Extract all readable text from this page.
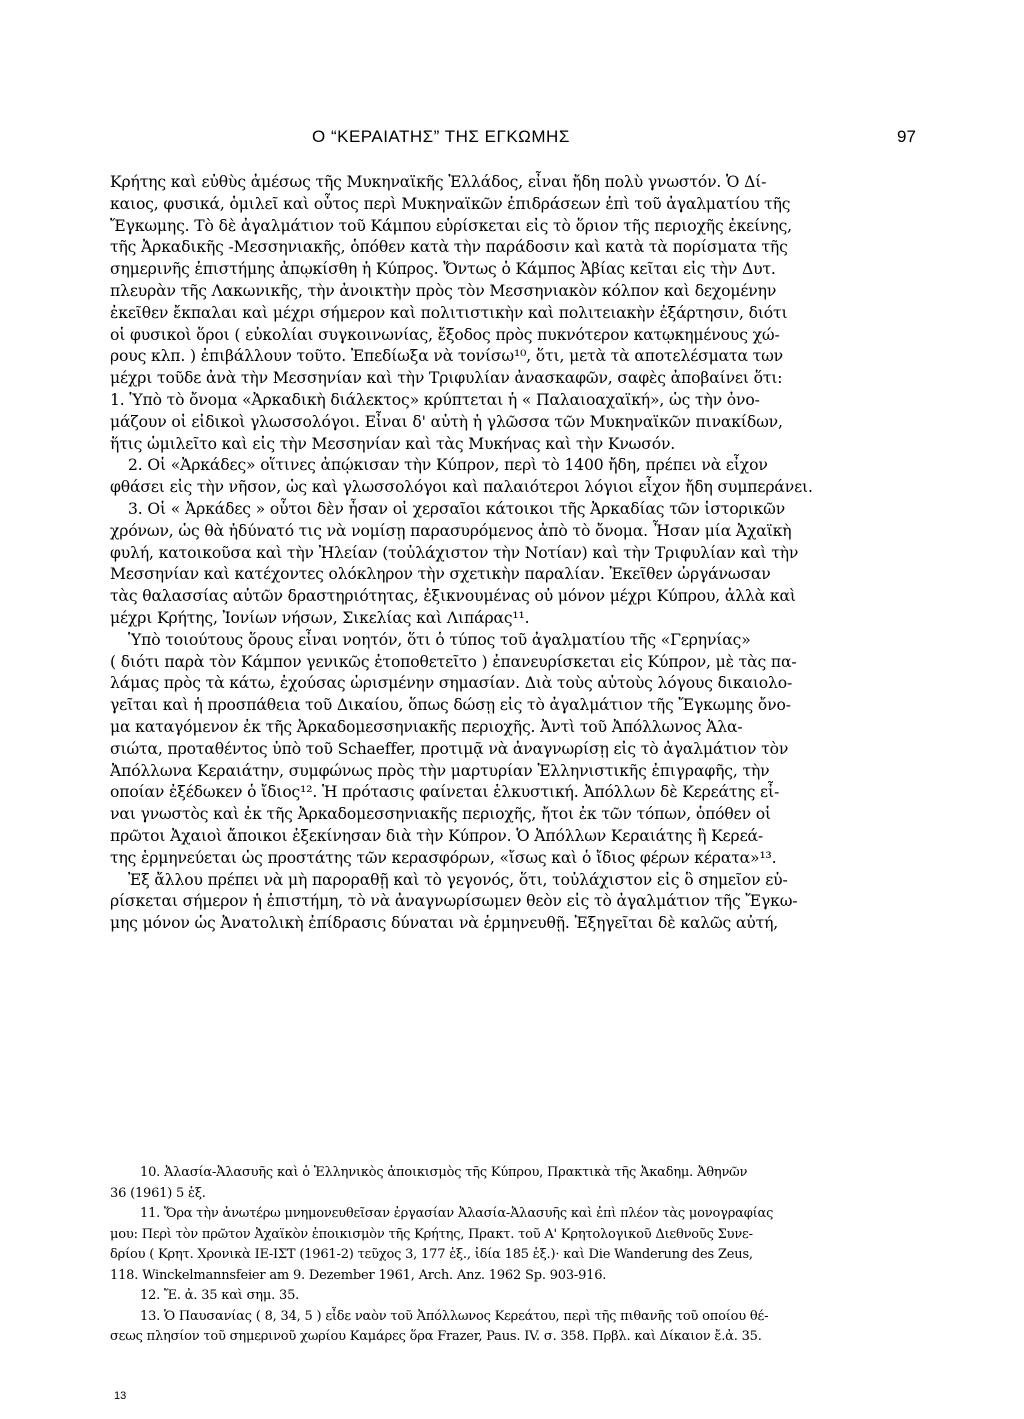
Ο “ΚΕΡΑΙΑΤΗΣ” ΤΗΣ ΕΓΚΩΜΗΣ	97
Κρήτης καὶ εὐθὺς ἀμέσως τῆς Μυκηναϊκῆς Ἑλλάδος, εἶναι ἤδη πολὺ γνωστόν. Ὁ Δί-
καιος, φυσικά, ὁμιλεῖ καὶ οὗτος περὶ Μυκηναϊκῶν ἐπιδράσεων ἐπὶ τοῦ ἀγαλματίου τῆς
Ἔγκωμης. Τὸ δὲ ἀγαλμάτιον τοῦ Κάμπου εὑρίσκεται εἰς τὸ ὅριον τῆς περιοχῆς ἐκείνης,
τῆς Ἀρκαδικῆς -Μεσσηνιακῆς, ὁπόθεν κατὰ τὴν παράδοσιν καὶ κατὰ τὰ πορίσματα τῆς
σημερινῆς ἐπιστήμης ἀπῳκίσθη ἡ Κύπρος. Ὄντως ὁ Κάμπος Ἀβίας κεῖται εἰς τὴν Δυτ.
πλευρὰν τῆς Λακωνικῆς, τὴν ἀνοικτὴν πρὸς τὸν Μεσσηνιακὸν κόλπον καὶ δεχομένην
ἐκεῖθεν ἔκπαλαι καὶ μέχρι σήμερον καὶ πολιτιστικὴν καὶ πολιτειακὴν ἐξάρτησιν, διότι
οἱ φυσικοὶ ὅροι ( εὐκολίαι συγκοινωνίας, ἔξοδος πρὸς πυκνότερον κατῳκημένους χώ-
ρους κλπ. ) ἐπιβάλλουν τοῦτο. Ἐπεδίωξα νὰ τονίσω¹⁰, ὅτι, μετὰ τὰ αποτελέσματα των
μέχρι τοῦδε ἀνὰ τὴν Μεσσηνίαν καὶ τὴν Τριφυλίαν ἀνασκαφῶν, σαφὲς ἀποβαίνει ὅτι:
1. Ὑπὸ τὸ ὄνομα «Ἀρκαδικὴ διάλεκτος» κρύπτεται ἡ « Παλαιοαχαϊκή», ὡς τὴν ὀνο-
μάζουν οἱ εἰδικοὶ γλωσσολόγοι. Εἶναι δ' αὐτὴ ἡ γλῶσσα τῶν Μυκηναϊκῶν πινακίδων,
ἥτις ὡμιλεῖτο καὶ εἰς τὴν Μεσσηνίαν καὶ τὰς Μυκήνας καὶ τὴν Κνωσόν.
2. Οἱ «Ἀρκάδες» οἵτινες ἀπῴκισαν τὴν Κύπρον, περὶ τὸ 1400 ἤδη, πρέπει νὰ εἶχον
φθάσει εἰς τὴν νῆσον, ὡς καὶ γλωσσολόγοι καὶ παλαιότεροι λόγιοι εἶχον ἤδη συμπεράνει.
3. Οἱ « Ἀρκάδες » οὗτοι δὲν ἦσαν οἱ χερσαῖοι κάτοικοι τῆς Ἀρκαδίας τῶν ἱστορικῶν
χρόνων, ὡς θὰ ἠδύνατό τις νὰ νομίσῃ παρασυρόμενος ἀπὸ τὸ ὄνομα. Ἦσαν μία Ἀχαϊκὴ
φυλή, κατοικοῦσα καὶ τὴν Ἠλείαν (τοὐλάχιστον τὴν Νοτίαν) καὶ τὴν Τριφυλίαν καὶ τὴν
Μεσσηνίαν καὶ κατέχοντες ολόκληρον τὴν σχετικὴν παραλίαν. Ἐκεῖθεν ὠργάνωσαν
τὰς θαλασσίας αὐτῶν δραστηριότητας, ἐξικνουμένας οὐ μόνον μέχρι Κύπρου, ἀλλὰ καὶ
μέχρι Κρήτης, Ἰονίων νήσων, Σικελίας καὶ Λιπάρας¹¹.
Ὑπὸ τοιούτους ὅρους εἶναι νοητόν, ὅτι ὁ τύπος τοῦ ἀγαλματίου τῆς «Γερηνίας»
( διότι παρὰ τὸν Κάμπον γενικῶς ἐτοποθετεῖτο ) ἐπανευρίσκεται εἰς Κύπρον, μὲ τὰς πα-
λάμας πρὸς τὰ κάτω, ἐχούσας ὡρισμένην σημασίαν. Διὰ τοὺς αὐτοὺς λόγους δικαιολο-
γεῖται καὶ ἡ προσπάθεια τοῦ Δικαίου, ὅπως δώσῃ εἰς τὸ ἀγαλμάτιον τῆς Ἔγκωμης ὄνο-
μα καταγόμενον ἐκ τῆς Ἀρκαδομεσσηνιακῆς περιοχῆς. Ἀντὶ τοῦ Ἀπόλλωνος Ἀλα-
σιώτα, προταθέντος ὑπὸ τοῦ Schaeffer, προτιμᾷ νὰ ἀναγνωρίσῃ εἰς τὸ ἀγαλμάτιον τὸν
Ἀπόλλωνα Κεραιάτην, συμφώνως πρὸς τὴν μαρτυρίαν Ἑλληνιστικῆς ἐπιγραφῆς, τὴν
οποίαν ἐξέδωκεν ὁ ἴδιος¹². Ἡ πρότασις φαίνεται ἑλκυστική. Ἀπόλλων δὲ Κερεάτης εἶ-
ναι γνωστὸς καὶ ἐκ τῆς Ἀρκαδομεσσηνιακῆς περιοχῆς, ἤτοι ἐκ τῶν τόπων, ὁπόθεν οἱ
πρῶτοι Ἀχαιοὶ ἄποικοι ἐξεκίνησαν διὰ τὴν Κύπρον. Ὁ Ἀπόλλων Κεραιάτης ἢ Κερεά-
της ἑρμηνεύεται ὡς προστάτης τῶν κερασφόρων, «ἴσως καὶ ὁ ἴδιος φέρων κέρατα»¹³.
Ἐξ ἄλλου πρέπει νὰ μὴ παροραθῇ καὶ τὸ γεγονός, ὅτι, τοὐλάχιστον εἰς ὃ σημεῖον εὑ-
ρίσκεται σήμερον ἡ ἐπιστήμη, τὸ νὰ ἀναγνωρίσωμεν θεὸν εἰς τὸ ἀγαλμάτιον τῆς Ἔγκω-
μης μόνον ὡς Ἀνατολικὴ ἐπίδρασις δύναται νὰ ἑρμηνευθῇ. Ἐξηγεῖται δὲ καλῶς αὐτή,
10. Ἀλασία-Ἀλασυῆς καὶ ὁ Ἑλληνικὸς ἀποικισμὸς τῆς Κύπρου, Πρακτικὰ τῆς Ἀκαδημ. Ἀθηνῶν
36 (1961) 5 ἑξ.
11. Ὅρα τὴν ἀνωτέρω μνημονευθεῖσαν ἐργασίαν Ἀλασία-Ἀλασυῆς καὶ ἐπὶ πλέον τὰς μονογραφίας
μου: Περὶ τὸν πρῶτον Ἀχαϊκὸν ἐποικισμὸν τῆς Κρήτης, Πρακτ. τοῦ Α' Κρητολογικοῦ Διεθνοῦς Συνε-
δρίου ( Κρητ. Χρονικὰ ΙΕ-ΙΣΤ (1961-2) τεῦχος 3, 177 ἑξ., ἰδία 185 ἑξ.)· καὶ Die Wanderung des Zeus,
118. Winckelmannsfeier am 9. Dezember 1961, Arch. Anz. 1962 Sp. 903-916.
12. Ἔ. ἀ. 35 καὶ σημ. 35.
13. Ὁ Παυσανίας ( 8, 34, 5 ) εἶδε ναὸν τοῦ Ἀπόλλωνος Κερεάτου, περὶ τῆς πιθανῆς τοῦ οποίου θέ-
σεως πλησίον τοῦ σημερινοῦ χωρίου Καμάρες ὅρα Frazer, Paus. IV. σ. 358. Πρβλ. καὶ Δίκαιον ἔ.ἀ. 35.
13
